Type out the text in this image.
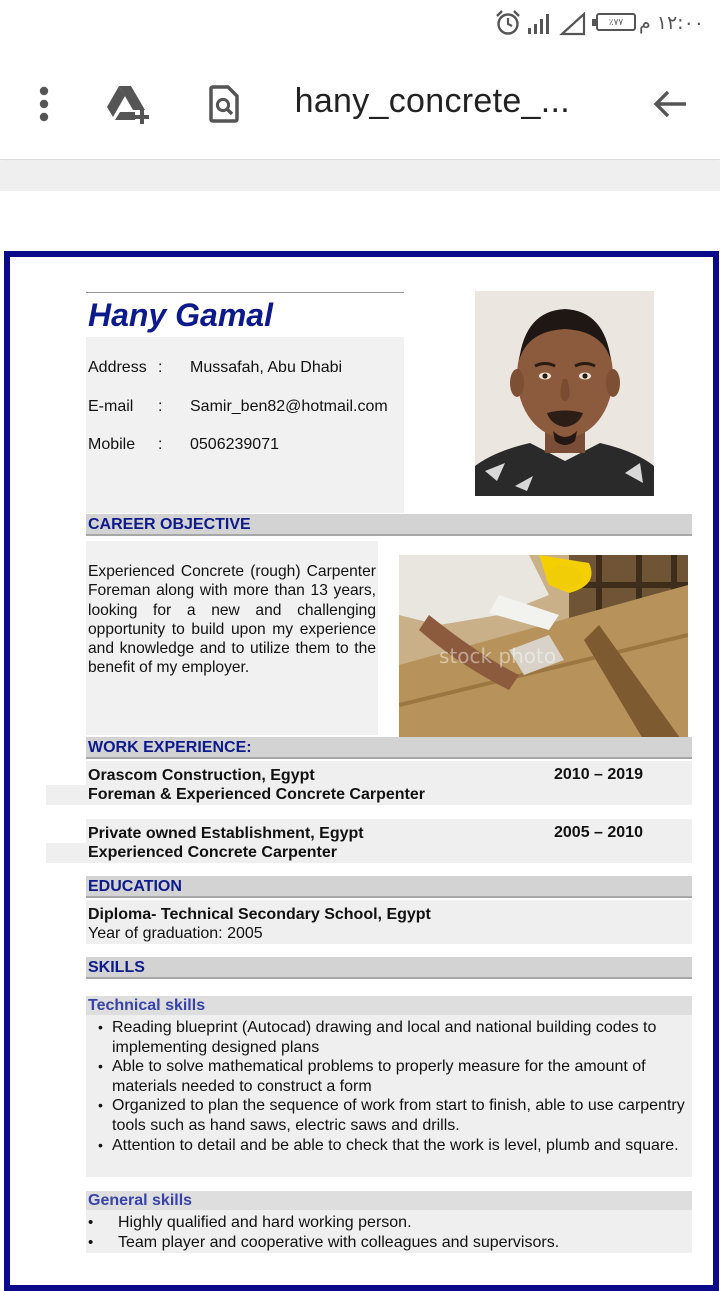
٪٧٧ ١٢:٠٠ م
hany_concrete_...
Hany Gamal
Address : Mussafah, Abu Dhabi
E-mail	: Samir_ben82@hotmail.com
Mobile	: 0506239071
CAREER OBJECTIVE
Experienced Concrete (rough) Carpenter Foreman along with more than 13 years, looking for a new and challenging opportunity to build upon my experience and knowledge and to utilize them to the benefit of my employer.	stock photo
WORK EXPERIENCE:
Orascom Construction, Egypt
Foreman & Experienced Concrete Carpenter
2010 – 2019
Private owned Establishment, Egypt
Experienced Concrete Carpenter
2005 – 2010
EDUCATION
Diploma- Technical Secondary School, Egypt
Year of graduation: 2005
SKILLS
Technical skills
• Reading blueprint (Autocad) drawing and local and national building codes to implementing designed plans
• Able to solve mathematical problems to properly measure for the amount of materials needed to construct a form
• Organized to plan the sequence of work from start to finish, able to use carpentry tools such as hand saws, electric saws and drills.
• Attention to detail and be able to check that the work is level, plumb and square.
General skills
• Highly qualified and hard working person.
• Team player and cooperative with colleagues and supervisors.
